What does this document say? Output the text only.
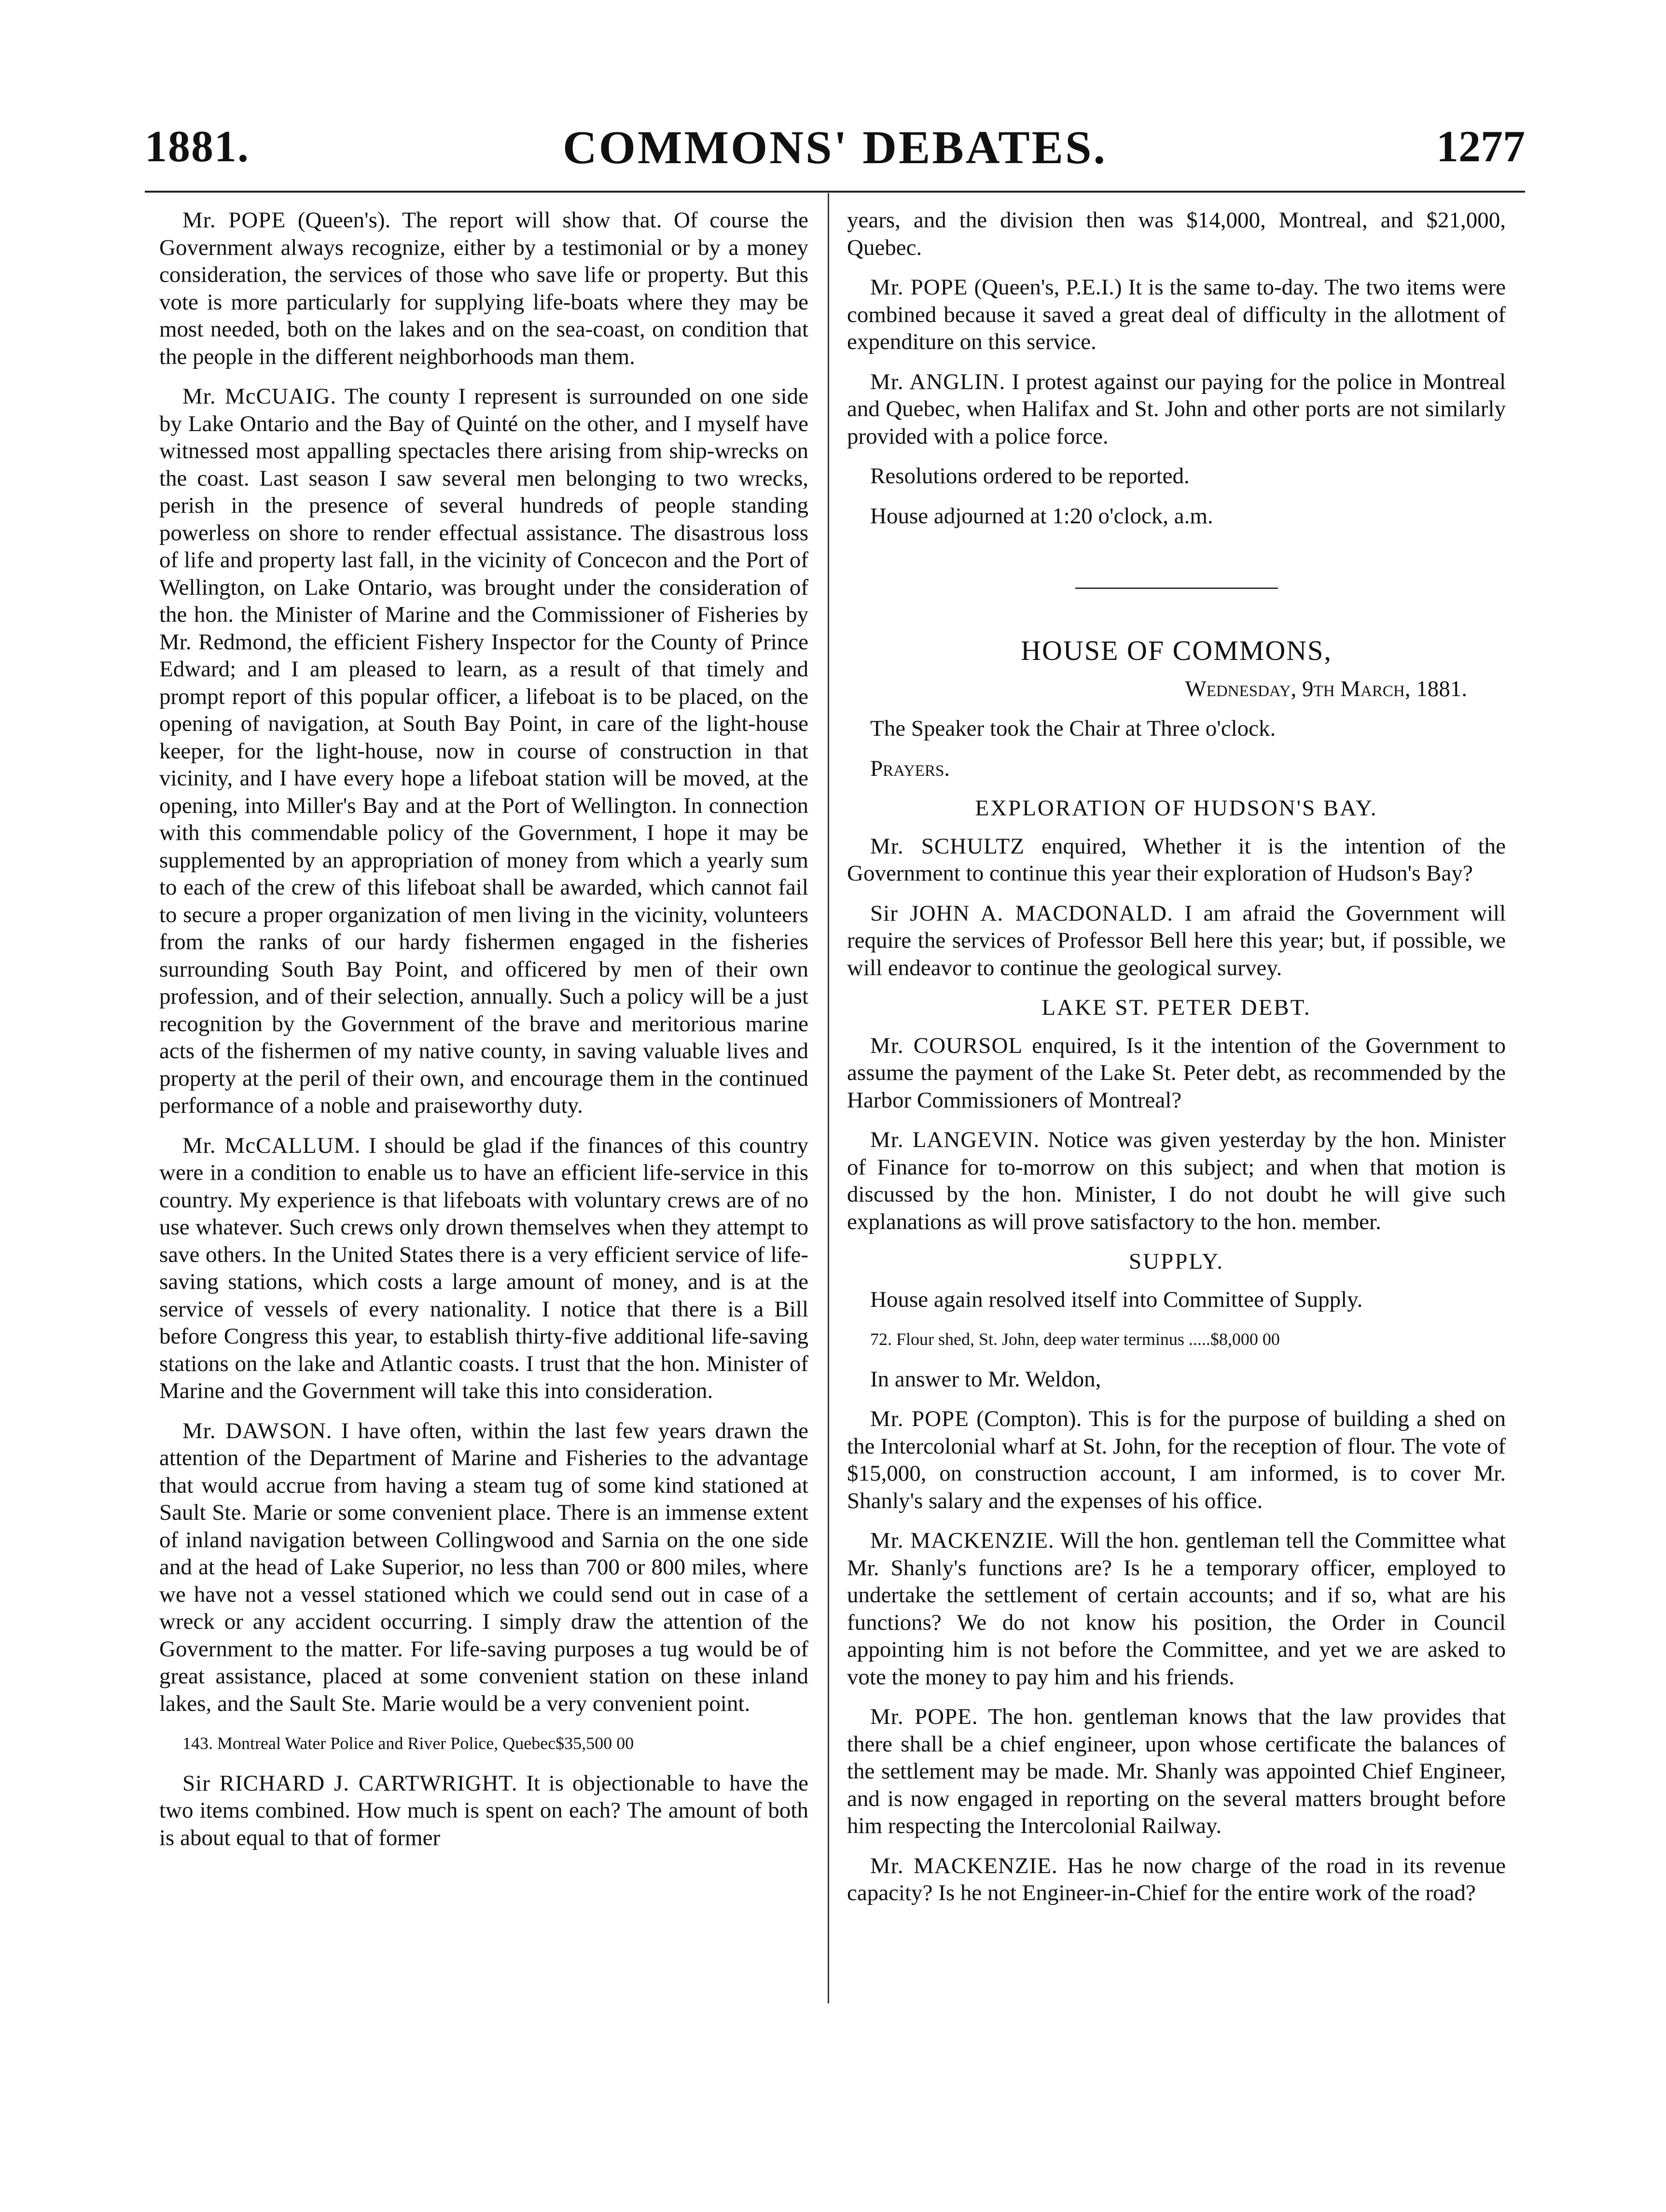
1881.	COMMONS' DEBATES.	1277

Mr. POPE (Queen's). The report will show that. Of course the Government always recognize, either by a testimonial or by a money consideration, the services of those who save life or property. But this vote is more particularly for supplying life-boats where they may be most needed, both on the lakes and on the sea-coast, on condition that the people in the different neighborhoods man them.

Mr. McCUAIG. The county I represent is surrounded on one side by Lake Ontario and the Bay of Quinté on the other, and I myself have witnessed most appalling spectacles there arising from ship-wrecks on the coast. Last season I saw several men belonging to two wrecks, perish in the presence of several hundreds of people standing powerless on shore to render effectual assistance. The disastrous loss of life and property last fall, in the vicinity of Concecon and the Port of Wellington, on Lake Ontario, was brought under the consideration of the hon. the Minister of Marine and the Commissioner of Fisheries by Mr. Redmond, the efficient Fishery Inspector for the County of Prince Edward; and I am pleased to learn, as a result of that timely and prompt report of this popular officer, a lifeboat is to be placed, on the opening of navigation, at South Bay Point, in care of the light-house keeper, for the light-house, now in course of construction in that vicinity, and I have every hope a lifeboat station will be moved, at the opening, into Miller's Bay and at the Port of Wellington. In connection with this commendable policy of the Government, I hope it may be supplemented by an appropriation of money from which a yearly sum to each of the crew of this lifeboat shall be awarded, which cannot fail to secure a proper organization of men living in the vicinity, volunteers from the ranks of our hardy fishermen engaged in the fisheries surrounding South Bay Point, and officered by men of their own profession, and of their selection, annually. Such a policy will be a just recognition by the Government of the brave and meritorious marine acts of the fishermen of my native county, in saving valuable lives and property at the peril of their own, and encourage them in the continued performance of a noble and praiseworthy duty.

Mr. McCALLUM. I should be glad if the finances of this country were in a condition to enable us to have an efficient life-service in this country. My experience is that lifeboats with voluntary crews are of no use whatever. Such crews only drown themselves when they attempt to save others. In the United States there is a very efficient service of life-saving stations, which costs a large amount of money, and is at the service of vessels of every nationality. I notice that there is a Bill before Congress this year, to establish thirty-five additional life-saving stations on the lake and Atlantic coasts. I trust that the hon. Minister of Marine and the Government will take this into consideration.

Mr. DAWSON. I have often, within the last few years drawn the attention of the Department of Marine and Fisheries to the advantage that would accrue from having a steam tug of some kind stationed at Sault Ste. Marie or some convenient place. There is an immense extent of inland navigation between Collingwood and Sarnia on the one side and at the head of Lake Superior, no less than 700 or 800 miles, where we have not a vessel stationed which we could send out in case of a wreck or any accident occurring. I simply draw the attention of the Government to the matter. For life-saving purposes a tug would be of great assistance, placed at some convenient station on these inland lakes, and the Sault Ste. Marie would be a very convenient point.

143. Montreal Water Police and River Police, Quebec$35,500 00

Sir RICHARD J. CARTWRIGHT. It is objectionable to have the two items combined. How much is spent on each? The amount of both is about equal to that of former

years, and the division then was $14,000, Montreal, and $21,000, Quebec.

Mr. POPE (Queen's, P.E.I.) It is the same to-day. The two items were combined because it saved a great deal of difficulty in the allotment of expenditure on this service.

Mr. ANGLIN. I protest against our paying for the police in Montreal and Quebec, when Halifax and St. John and other ports are not similarly provided with a police force.

Resolutions ordered to be reported.

House adjourned at 1:20 o'clock, a.m.

HOUSE OF COMMONS,

Wednesday, 9th March, 1881.

The Speaker took the Chair at Three o'clock.

Prayers.

EXPLORATION OF HUDSON'S BAY.

Mr. SCHULTZ enquired, Whether it is the intention of the Government to continue this year their exploration of Hudson's Bay?

Sir JOHN A. MACDONALD. I am afraid the Government will require the services of Professor Bell here this year; but, if possible, we will endeavor to continue the geological survey.

LAKE ST. PETER DEBT.

Mr. COURSOL enquired, Is it the intention of the Government to assume the payment of the Lake St. Peter debt, as recommended by the Harbor Commissioners of Montreal?

Mr. LANGEVIN. Notice was given yesterday by the hon. Minister of Finance for to-morrow on this subject; and when that motion is discussed by the hon. Minister, I do not doubt he will give such explanations as will prove satisfactory to the hon. member.

SUPPLY.

House again resolved itself into Committee of Supply.

72. Flour shed, St. John, deep water terminus .....$8,000 00

In answer to Mr. Weldon,

Mr. POPE (Compton). This is for the purpose of building a shed on the Intercolonial wharf at St. John, for the reception of flour. The vote of $15,000, on construction account, I am informed, is to cover Mr. Shanly's salary and the expenses of his office.

Mr. MACKENZIE. Will the hon. gentleman tell the Committee what Mr. Shanly's functions are? Is he a temporary officer, employed to undertake the settlement of certain accounts; and if so, what are his functions? We do not know his position, the Order in Council appointing him is not before the Committee, and yet we are asked to vote the money to pay him and his friends.

Mr. POPE. The hon. gentleman knows that the law provides that there shall be a chief engineer, upon whose certificate the balances of the settlement may be made. Mr. Shanly was appointed Chief Engineer, and is now engaged in reporting on the several matters brought before him respecting the Intercolonial Railway.

Mr. MACKENZIE. Has he now charge of the road in its revenue capacity? Is he not Engineer-in-Chief for the entire work of the road?
